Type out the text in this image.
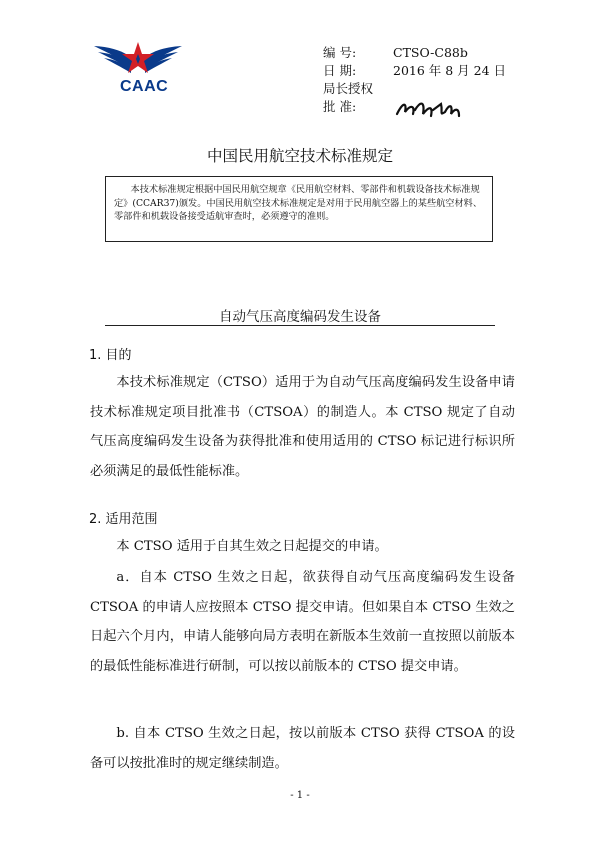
CAAC
编 号:	CTSO-C88b
日 期:	2016 年 8 月 24 日
局长授权
批 准:
中国民用航空技术标准规定

本技术标准规定根据中国民用航空规章《民用航空材料、零部件和机载设备技术标准规定》(CCAR37)颁发。中国民用航空技术标准规定是对用于民用航空器上的某些航空材料、零部件和机载设备接受适航审查时，必须遵守的准则。

自动气压高度编码发生设备
1. 目的

本技术标准规定（CTSO）适用于为自动气压高度编码发生设备申请技术标准规定项目批准书（CTSOA）的制造人。本 CTSO 规定了自动气压高度编码发生设备为获得批准和使用适用的 CTSO 标记进行标识所必须满足的最低性能标准。

2. 适用范围

本 CTSO 适用于自其生效之日起提交的申请。

a．自本 CTSO 生效之日起，欲获得自动气压高度编码发生设备 CTSOA 的申请人应按照本 CTSO 提交申请。但如果自本 CTSO 生效之日起六个月内，申请人能够向局方表明在新版本生效前一直按照以前版本的最低性能标准进行研制，可以按以前版本的 CTSO 提交申请。

b. 自本 CTSO 生效之日起，按以前版本 CTSO 获得 CTSOA 的设备可以按批准时的规定继续制造。

- 1 -
